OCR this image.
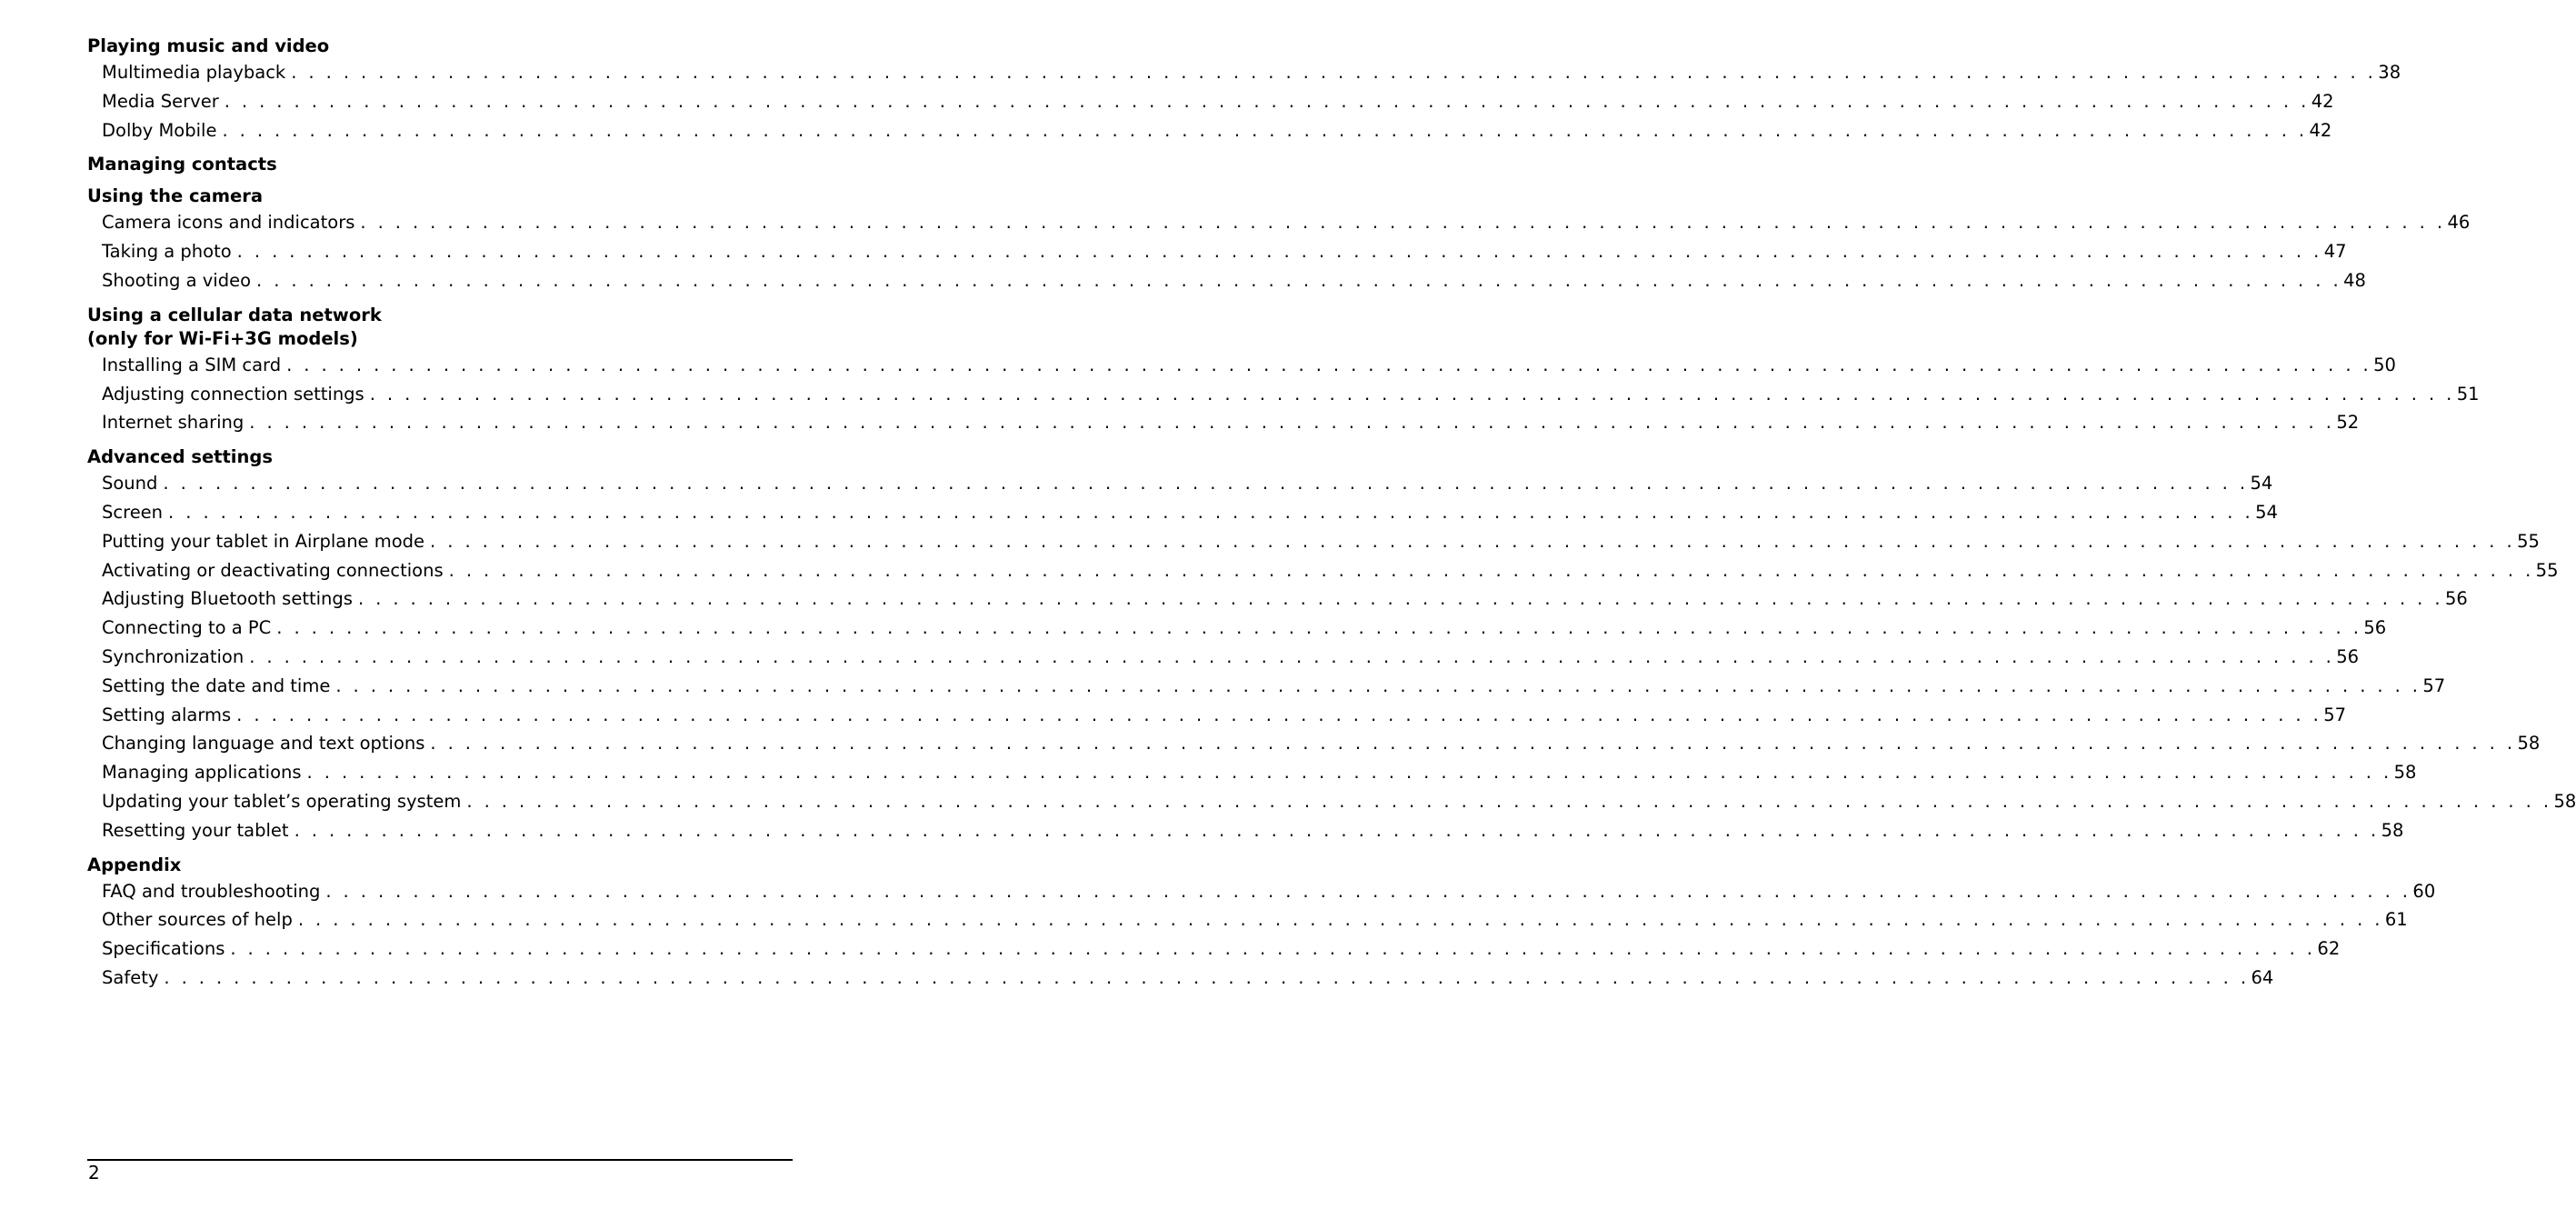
Playing music and video
Multimedia playback . . . . . . . . . . . . . . . . . . . . . . . . . . . . . . . . . . . . . . . . . . . . . . . . . . . . . . . . . . . . . . . . . . . . . . . . . . . . . . . . . . . . . . . . . . . . . . . . . . . . . . . . . . . . . . . . . . . . . . . . 38
Media Server . . . . . . . . . . . . . . . . . . . . . . . . . . . . . . . . . . . . . . . . . . . . . . . . . . . . . . . . . . . . . . . . . . . . . . . . . . . . . . . . . . . . . . . . . . . . . . . . . . . . . . . . . . . . . . . . . . . . . . . . 42
Dolby Mobile . . . . . . . . . . . . . . . . . . . . . . . . . . . . . . . . . . . . . . . . . . . . . . . . . . . . . . . . . . . . . . . . . . . . . . . . . . . . . . . . . . . . . . . . . . . . . . . . . . . . . . . . . . . . . . . . . . . . . . . . 42
Managing contacts
Using the camera
Camera icons and indicators . . . . . . . . . . . . . . . . . . . . . . . . . . . . . . . . . . . . . . . . . . . . . . . . . . . . . . . . . . . . . . . . . . . . . . . . . . . . . . . . . . . . . . . . . . . . . . . . . . . . . . . . . . . . . . . . . . . . . . . . 46
Taking a photo . . . . . . . . . . . . . . . . . . . . . . . . . . . . . . . . . . . . . . . . . . . . . . . . . . . . . . . . . . . . . . . . . . . . . . . . . . . . . . . . . . . . . . . . . . . . . . . . . . . . . . . . . . . . . . . . . . . . . . . . 47
Shooting a video . . . . . . . . . . . . . . . . . . . . . . . . . . . . . . . . . . . . . . . . . . . . . . . . . . . . . . . . . . . . . . . . . . . . . . . . . . . . . . . . . . . . . . . . . . . . . . . . . . . . . . . . . . . . . . . . . . . . . . . . 48
Using a cellular data network
(only for Wi-Fi+3G models)
Installing a SIM card . . . . . . . . . . . . . . . . . . . . . . . . . . . . . . . . . . . . . . . . . . . . . . . . . . . . . . . . . . . . . . . . . . . . . . . . . . . . . . . . . . . . . . . . . . . . . . . . . . . . . . . . . . . . . . . . . . . . . . . . 50
Adjusting connection settings . . . . . . . . . . . . . . . . . . . . . . . . . . . . . . . . . . . . . . . . . . . . . . . . . . . . . . . . . . . . . . . . . . . . . . . . . . . . . . . . . . . . . . . . . . . . . . . . . . . . . . . . . . . . . . . . . . . . . . . . 51
Internet sharing . . . . . . . . . . . . . . . . . . . . . . . . . . . . . . . . . . . . . . . . . . . . . . . . . . . . . . . . . . . . . . . . . . . . . . . . . . . . . . . . . . . . . . . . . . . . . . . . . . . . . . . . . . . . . . . . . . . . . . . . 52
Advanced settings
Sound . . . . . . . . . . . . . . . . . . . . . . . . . . . . . . . . . . . . . . . . . . . . . . . . . . . . . . . . . . . . . . . . . . . . . . . . . . . . . . . . . . . . . . . . . . . . . . . . . . . . . . . . . . . . . . . . . . . . . . . . 54
Screen . . . . . . . . . . . . . . . . . . . . . . . . . . . . . . . . . . . . . . . . . . . . . . . . . . . . . . . . . . . . . . . . . . . . . . . . . . . . . . . . . . . . . . . . . . . . . . . . . . . . . . . . . . . . . . . . . . . . . . . . 54
Putting your tablet in Airplane mode . . . . . . . . . . . . . . . . . . . . . . . . . . . . . . . . . . . . . . . . . . . . . . . . . . . . . . . . . . . . . . . . . . . . . . . . . . . . . . . . . . . . . . . . . . . . . . . . . . . . . . . . . . . . . . . . . . . . . . . . 55
Activating or deactivating connections . . . . . . . . . . . . . . . . . . . . . . . . . . . . . . . . . . . . . . . . . . . . . . . . . . . . . . . . . . . . . . . . . . . . . . . . . . . . . . . . . . . . . . . . . . . . . . . . . . . . . . . . . . . . . . . . . . . . . . . . 55
Adjusting Bluetooth settings . . . . . . . . . . . . . . . . . . . . . . . . . . . . . . . . . . . . . . . . . . . . . . . . . . . . . . . . . . . . . . . . . . . . . . . . . . . . . . . . . . . . . . . . . . . . . . . . . . . . . . . . . . . . . . . . . . . . . . . . 56
Connecting to a PC . . . . . . . . . . . . . . . . . . . . . . . . . . . . . . . . . . . . . . . . . . . . . . . . . . . . . . . . . . . . . . . . . . . . . . . . . . . . . . . . . . . . . . . . . . . . . . . . . . . . . . . . . . . . . . . . . . . . . . . . 56
Synchronization . . . . . . . . . . . . . . . . . . . . . . . . . . . . . . . . . . . . . . . . . . . . . . . . . . . . . . . . . . . . . . . . . . . . . . . . . . . . . . . . . . . . . . . . . . . . . . . . . . . . . . . . . . . . . . . . . . . . . . . . 56
Setting the date and time . . . . . . . . . . . . . . . . . . . . . . . . . . . . . . . . . . . . . . . . . . . . . . . . . . . . . . . . . . . . . . . . . . . . . . . . . . . . . . . . . . . . . . . . . . . . . . . . . . . . . . . . . . . . . . . . . . . . . . . . 57
Setting alarms . . . . . . . . . . . . . . . . . . . . . . . . . . . . . . . . . . . . . . . . . . . . . . . . . . . . . . . . . . . . . . . . . . . . . . . . . . . . . . . . . . . . . . . . . . . . . . . . . . . . . . . . . . . . . . . . . . . . . . . . 57
Changing language and text options . . . . . . . . . . . . . . . . . . . . . . . . . . . . . . . . . . . . . . . . . . . . . . . . . . . . . . . . . . . . . . . . . . . . . . . . . . . . . . . . . . . . . . . . . . . . . . . . . . . . . . . . . . . . . . . . . . . . . . . . 58
Managing applications . . . . . . . . . . . . . . . . . . . . . . . . . . . . . . . . . . . . . . . . . . . . . . . . . . . . . . . . . . . . . . . . . . . . . . . . . . . . . . . . . . . . . . . . . . . . . . . . . . . . . . . . . . . . . . . . . . . . . . . . 58
Updating your tablet’s operating system . . . . . . . . . . . . . . . . . . . . . . . . . . . . . . . . . . . . . . . . . . . . . . . . . . . . . . . . . . . . . . . . . . . . . . . . . . . . . . . . . . . . . . . . . . . . . . . . . . . . . . . . . . . . . . . . . . . . . . . . 58
Resetting your tablet . . . . . . . . . . . . . . . . . . . . . . . . . . . . . . . . . . . . . . . . . . . . . . . . . . . . . . . . . . . . . . . . . . . . . . . . . . . . . . . . . . . . . . . . . . . . . . . . . . . . . . . . . . . . . . . . . . . . . . . . 58
Appendix
FAQ and troubleshooting . . . . . . . . . . . . . . . . . . . . . . . . . . . . . . . . . . . . . . . . . . . . . . . . . . . . . . . . . . . . . . . . . . . . . . . . . . . . . . . . . . . . . . . . . . . . . . . . . . . . . . . . . . . . . . . . . . . . . . . . 60
Other sources of help . . . . . . . . . . . . . . . . . . . . . . . . . . . . . . . . . . . . . . . . . . . . . . . . . . . . . . . . . . . . . . . . . . . . . . . . . . . . . . . . . . . . . . . . . . . . . . . . . . . . . . . . . . . . . . . . . . . . . . . . 61
Specifications . . . . . . . . . . . . . . . . . . . . . . . . . . . . . . . . . . . . . . . . . . . . . . . . . . . . . . . . . . . . . . . . . . . . . . . . . . . . . . . . . . . . . . . . . . . . . . . . . . . . . . . . . . . . . . . . . . . . . . . . 62
Safety . . . . . . . . . . . . . . . . . . . . . . . . . . . . . . . . . . . . . . . . . . . . . . . . . . . . . . . . . . . . . . . . . . . . . . . . . . . . . . . . . . . . . . . . . . . . . . . . . . . . . . . . . . . . . . . . . . . . . . . . 64
2
